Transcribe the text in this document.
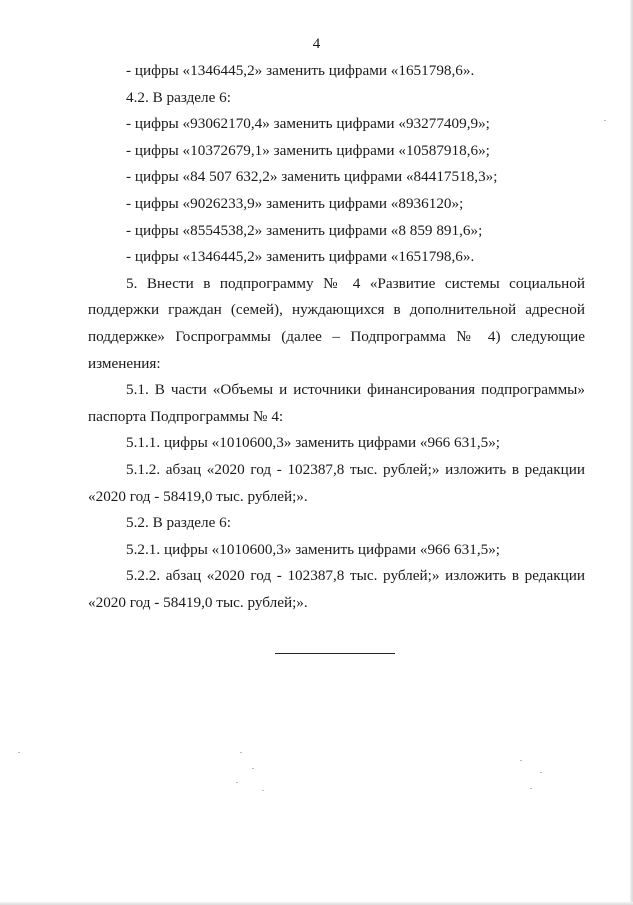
4

- цифры «1346445,2» заменить цифрами «1651798,6».

4.2. В разделе 6:

- цифры «93062170,4» заменить цифрами «93277409,9»;

- цифры «10372679,1» заменить цифрами «10587918,6»;

- цифры «84 507 632,2» заменить цифрами «84417518,3»;

- цифры «9026233,9» заменить цифрами «8936120»;

- цифры «8554538,2» заменить цифрами «8 859 891,6»;

- цифры «1346445,2» заменить цифрами «1651798,6».

5. Внести в подпрограмму № 4 «Развитие системы социальной поддержки граждан (семей), нуждающихся в дополнительной адресной поддержке» Госпрограммы (далее – Подпрограмма № 4) следующие изменения:

5.1. В части «Объемы и источники финансирования подпрограммы» паспорта Подпрограммы № 4:

5.1.1. цифры «1010600,3» заменить цифрами «966 631,5»;

5.1.2. абзац «2020 год - 102387,8 тыс. рублей;» изложить в редакции «2020 год - 58419,0 тыс. рублей;».

5.2. В разделе 6:

5.2.1. цифры «1010600,3» заменить цифрами «966 631,5»;

5.2.2. абзац «2020 год - 102387,8 тыс. рублей;» изложить в редакции «2020 год - 58419,0 тыс. рублей;».
